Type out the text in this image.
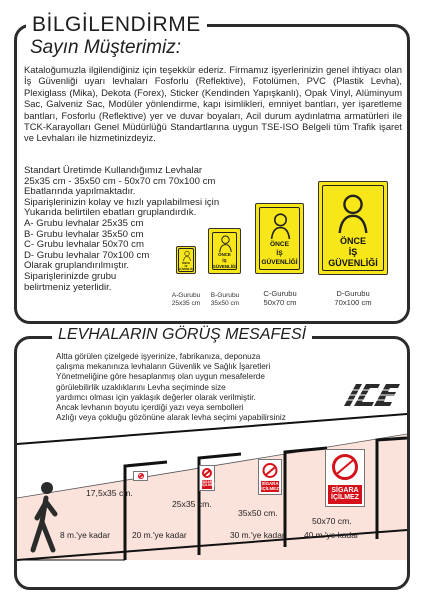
BİLGİLENDİRME
Sayın Müşterimiz:
Kataloğumuzla ilgilendiğiniz için teşekkür ederiz. Firmamız işyerlerinizin genel ihtiyacı olan İş Güvenliği uyarı levhaları Fosforlu (Reflektive), Fotolümen, PVC (Plastik Levha), Plexiglass (Mika), Dekota (Forex), Sticker (Kendinden Yapışkanlı), Opak Vinyl, Alüminyum Sac, Galveniz Sac, Modüler yönlendirme, kapı isimlikleri, emniyet bantları, yer işaretleme bantları, Fosforlu (Reflektive) yer ve duvar boyaları, Acil durum aydınlatma armatürleri ile TCK-Karayolları Genel Müdürlüğü Standartlarına uygun TSE-ISO Belgeli tüm Trafik işaret ve Levhaları ile hizmetinizdeyiz.
Standart Üretimde Kullandığımız Levhalar
25x35 cm - 35x50 cm - 50x70 cm 70x100 cm
Ebatlarında yapılmaktadır.
Siparişlerinizin kolay ve hızlı yapılabilmesi için
Yukarıda belirtilen ebatları gruplandırdık.
A- Grubu levhalar 25x35 cm
B- Grubu levhalar 35x50 cm
C- Grubu levhalar 50x70 cm
D- Grubu levhalar 70x100 cm
Olarak gruplandırılmıştır.
Siparişlerinizde grubu
belirtmeniz yeterlidir.
ÖNCE
İŞ
GÜVENLİĞİ
A-Gurubu
25x35 cm
ÖNCE
İŞ
GÜVENLİĞİ
B-Gurubu
35x50 cm
ÖNCE
İŞ
GÜVENLİĞİ
C-Gurubu
50x70 cm
ÖNCE
İŞ
GÜVENLİĞİ
D-Gurubu
70x100 cm
LEVHALARIN GÖRÜŞ MESAFESİ
Altta görülen çizelgede işyerinize, fabrikanıza, deponuza
çalışma mekanınıza levhaların Güvenlik ve Sağlık İşaretleri
Yönetmeliğine göre hesaplanmış olan uygun mesafelerde
görülebilirlik uzaklıklarını Levha seçiminde size
yardımcı olması için yaklaşık değerler olarak verilmiştir.
Ancak levhanın boyutu içerdiği yazı veya sembolleri
Azlığı veya çokluğu gözönüne alarak levha seçimi yapabilirsiniz
SİGARA
İÇİLMEZ	SİGARA
İÇİLMEZ	SİGARA
İÇİLMEZ
17,5x35 cm.
25x35 cm.
35x50 cm.
50x70 cm.
8 m.'ye kadar	20 m.'ye kadar	30 m.'ye kadar 40 m.'ye kadar
